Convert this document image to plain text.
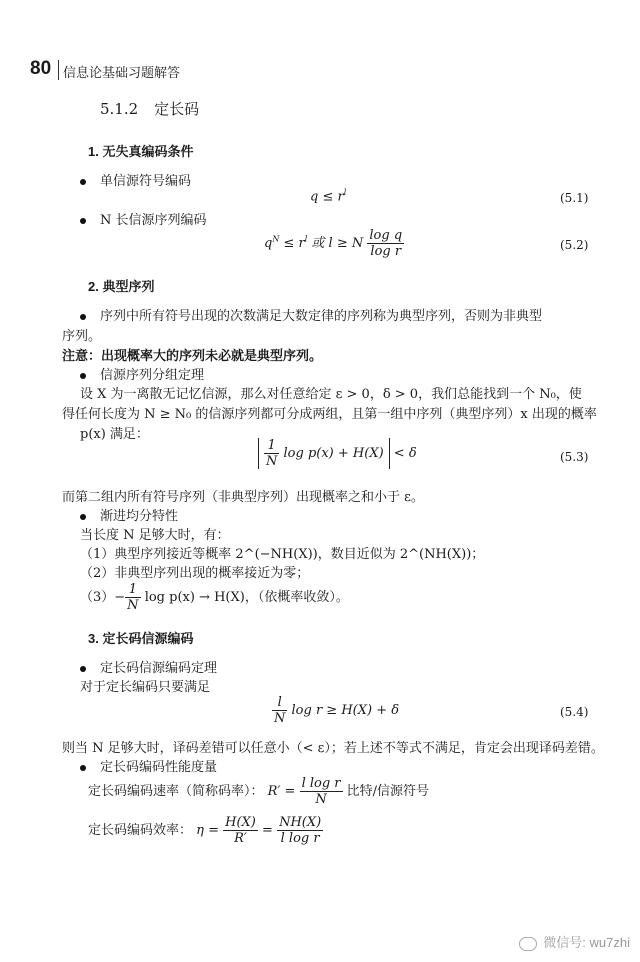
80 信息论基础习题解答
5.1.2 定长码
1. 无失真编码条件
单信源符号编码
$q \le r^l$	(5.1)
N 长信源序列编码
$q^N \le r^l$ 或 l ≥ N $\frac{\text{log q}}{\text{log r}}$	(5.2)
2. 典型序列
序列中所有符号出现的次数满足大数定律的序列称为典型序列，否则为非典型
序列。
注意：出现概率大的序列未必就是典型序列。
信源序列分组定理
设 X 为一离散无记忆信源，那么对任意给定 ε > 0，δ > 0，我们总能找到一个 N₀，使
得任何长度为 N ≥ N₀ 的信源序列都可分成两组，且第一组中序列（典型序列）x 出现的概率
p(x) 满足：
$\frac{1}{N}$ log p(x) + H(X) < δ	(5.3)
而第二组内所有符号序列（非典型序列）出现概率之和小于 ε。
渐进均分特性
当长度 N 足够大时，有：
（1）典型序列接近等概率 2^(−NH(X))，数目近似为 2^(NH(X))；
（2）非典型序列出现的概率接近为零；
$(3)- \frac{1}{N}$ log p(x) → H(X)，（依概率收敛）。
3. 定长码信源编码
定长码信源编码定理
对于定长编码只要满足
$\frac{l}{N}$ log r ≥ H(X) + δ	(5.4)
则当 N 足够大时，译码差错可以任意小（< ε）；若上述不等式不满足，肯定会出现译码差错。
定长码编码性能度量
定长码编码速率（简称码率）： $R' = \frac{\text{l log r}}{N}$ 比特/信源符号
定长码编码效率： $\eta = \frac{H(X)}{R'} = \frac{NH(X)}{\text{l log r}}$
微信号: wu7zhi
